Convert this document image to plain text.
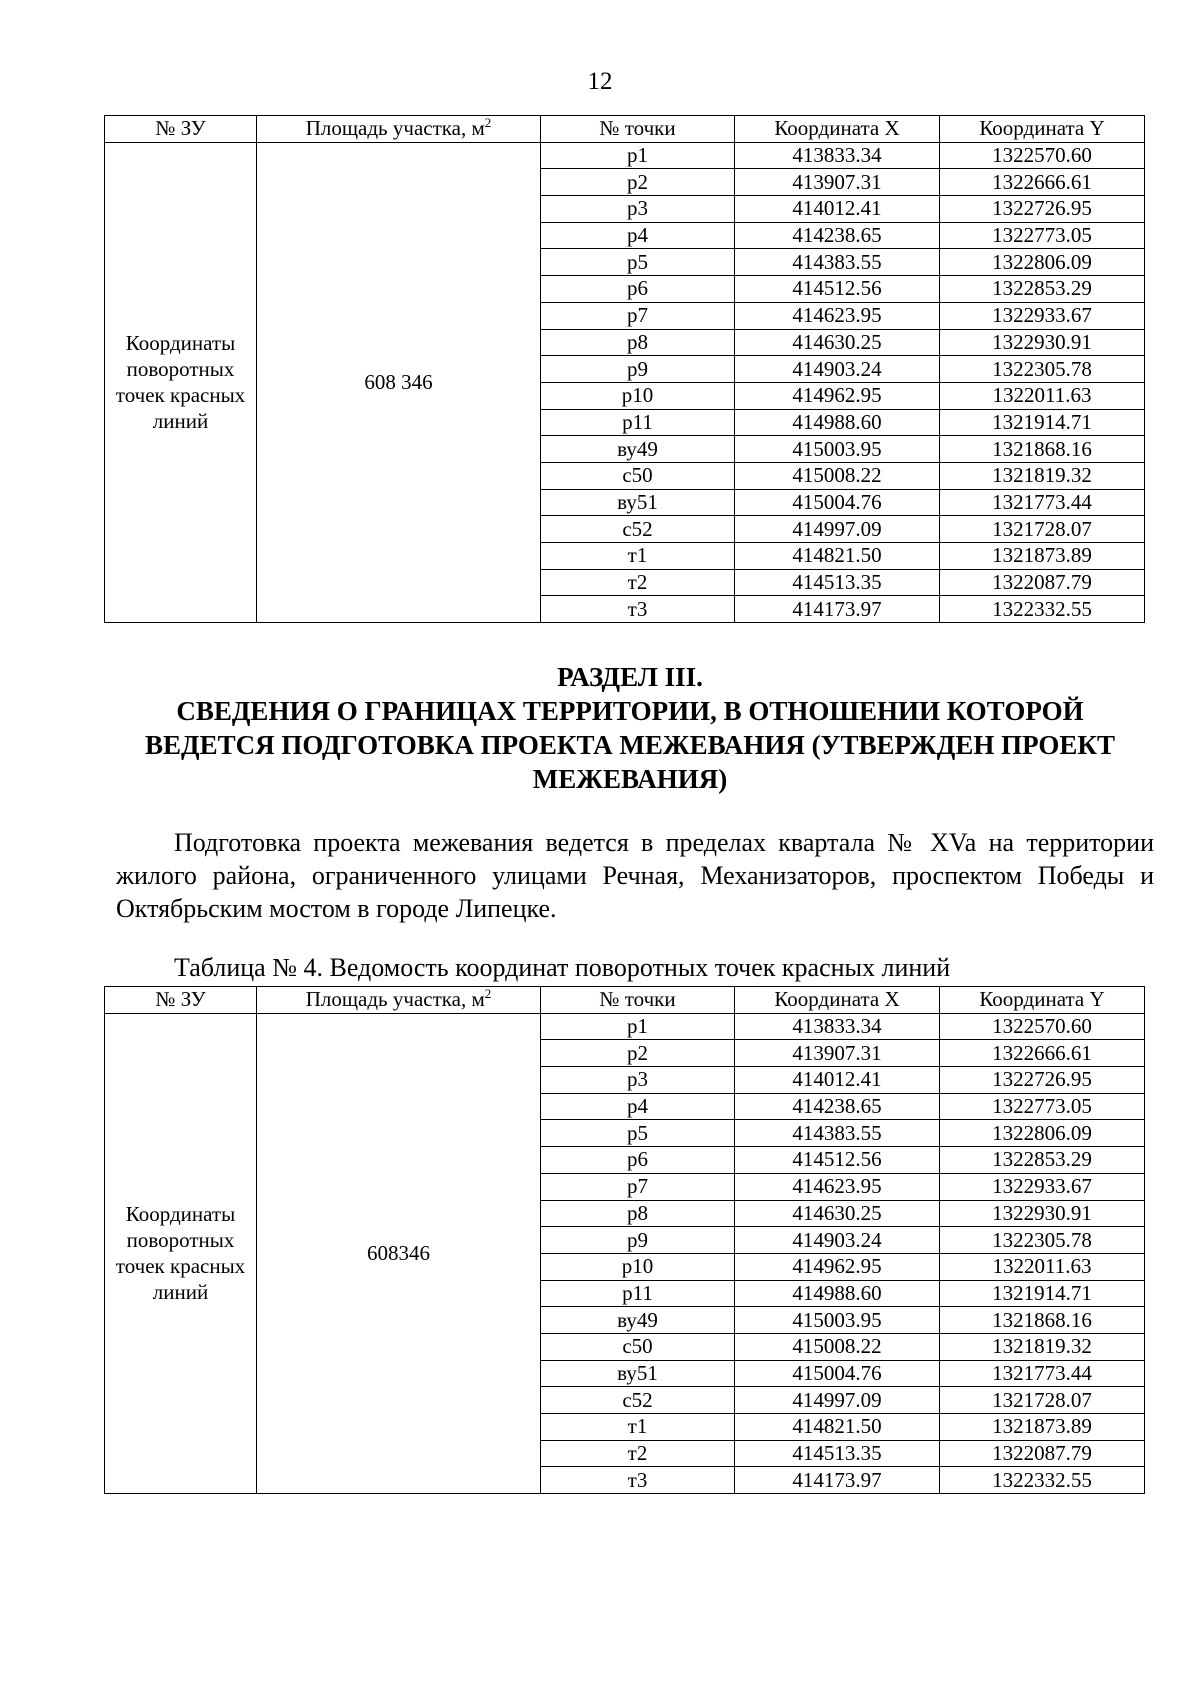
12
№ ЗУ	Площадь участка, $м^2$	№ точки	Координата X	Координата Y
Координаты поворотных точек красных линий	608 346	р1	413833.34	1322570.60
		р2	413907.31	1322666.61
		р3	414012.41	1322726.95
		р4	414238.65	1322773.05
		р5	414383.55	1322806.09
		р6	414512.56	1322853.29
		р7	414623.95	1322933.67
		р8	414630.25	1322930.91
		р9	414903.24	1322305.78
		р10	414962.95	1322011.63
		р11	414988.60	1321914.71
		ву49	415003.95	1321868.16
		с50	415008.22	1321819.32
		ву51	415004.76	1321773.44
		с52	414997.09	1321728.07
		т1	414821.50	1321873.89
		т2	414513.35	1322087.79
		т3	414173.97	1322332.55
РАЗДЕЛ III.
СВЕДЕНИЯ О ГРАНИЦАХ ТЕРРИТОРИИ, В ОТНОШЕНИИ КОТОРОЙ
ВЕДЕТСЯ ПОДГОТОВКА ПРОЕКТА МЕЖЕВАНИЯ (УТВЕРЖДЕН ПРОЕКТ
МЕЖЕВАНИЯ)

Подготовка проекта межевания ведется в пределах квартала № XVa на территории жилого района, ограниченного улицами Речная, Механизаторов, проспектом Победы и Октябрьским мостом в городе Липецке.

Таблица № 4. Ведомость координат поворотных точек красных линий
№ ЗУ	Площадь участка, $м^2$	№ точки	Координата X	Координата Y
Координаты поворотных точек красных линий	608346	р1	413833.34	1322570.60
		р2	413907.31	1322666.61
		р3	414012.41	1322726.95
		р4	414238.65	1322773.05
		р5	414383.55	1322806.09
		р6	414512.56	1322853.29
		р7	414623.95	1322933.67
		р8	414630.25	1322930.91
		р9	414903.24	1322305.78
		р10	414962.95	1322011.63
		р11	414988.60	1321914.71
		ву49	415003.95	1321868.16
		с50	415008.22	1321819.32
		ву51	415004.76	1321773.44
		с52	414997.09	1321728.07
		т1	414821.50	1321873.89
		т2	414513.35	1322087.79
		т3	414173.97	1322332.55
